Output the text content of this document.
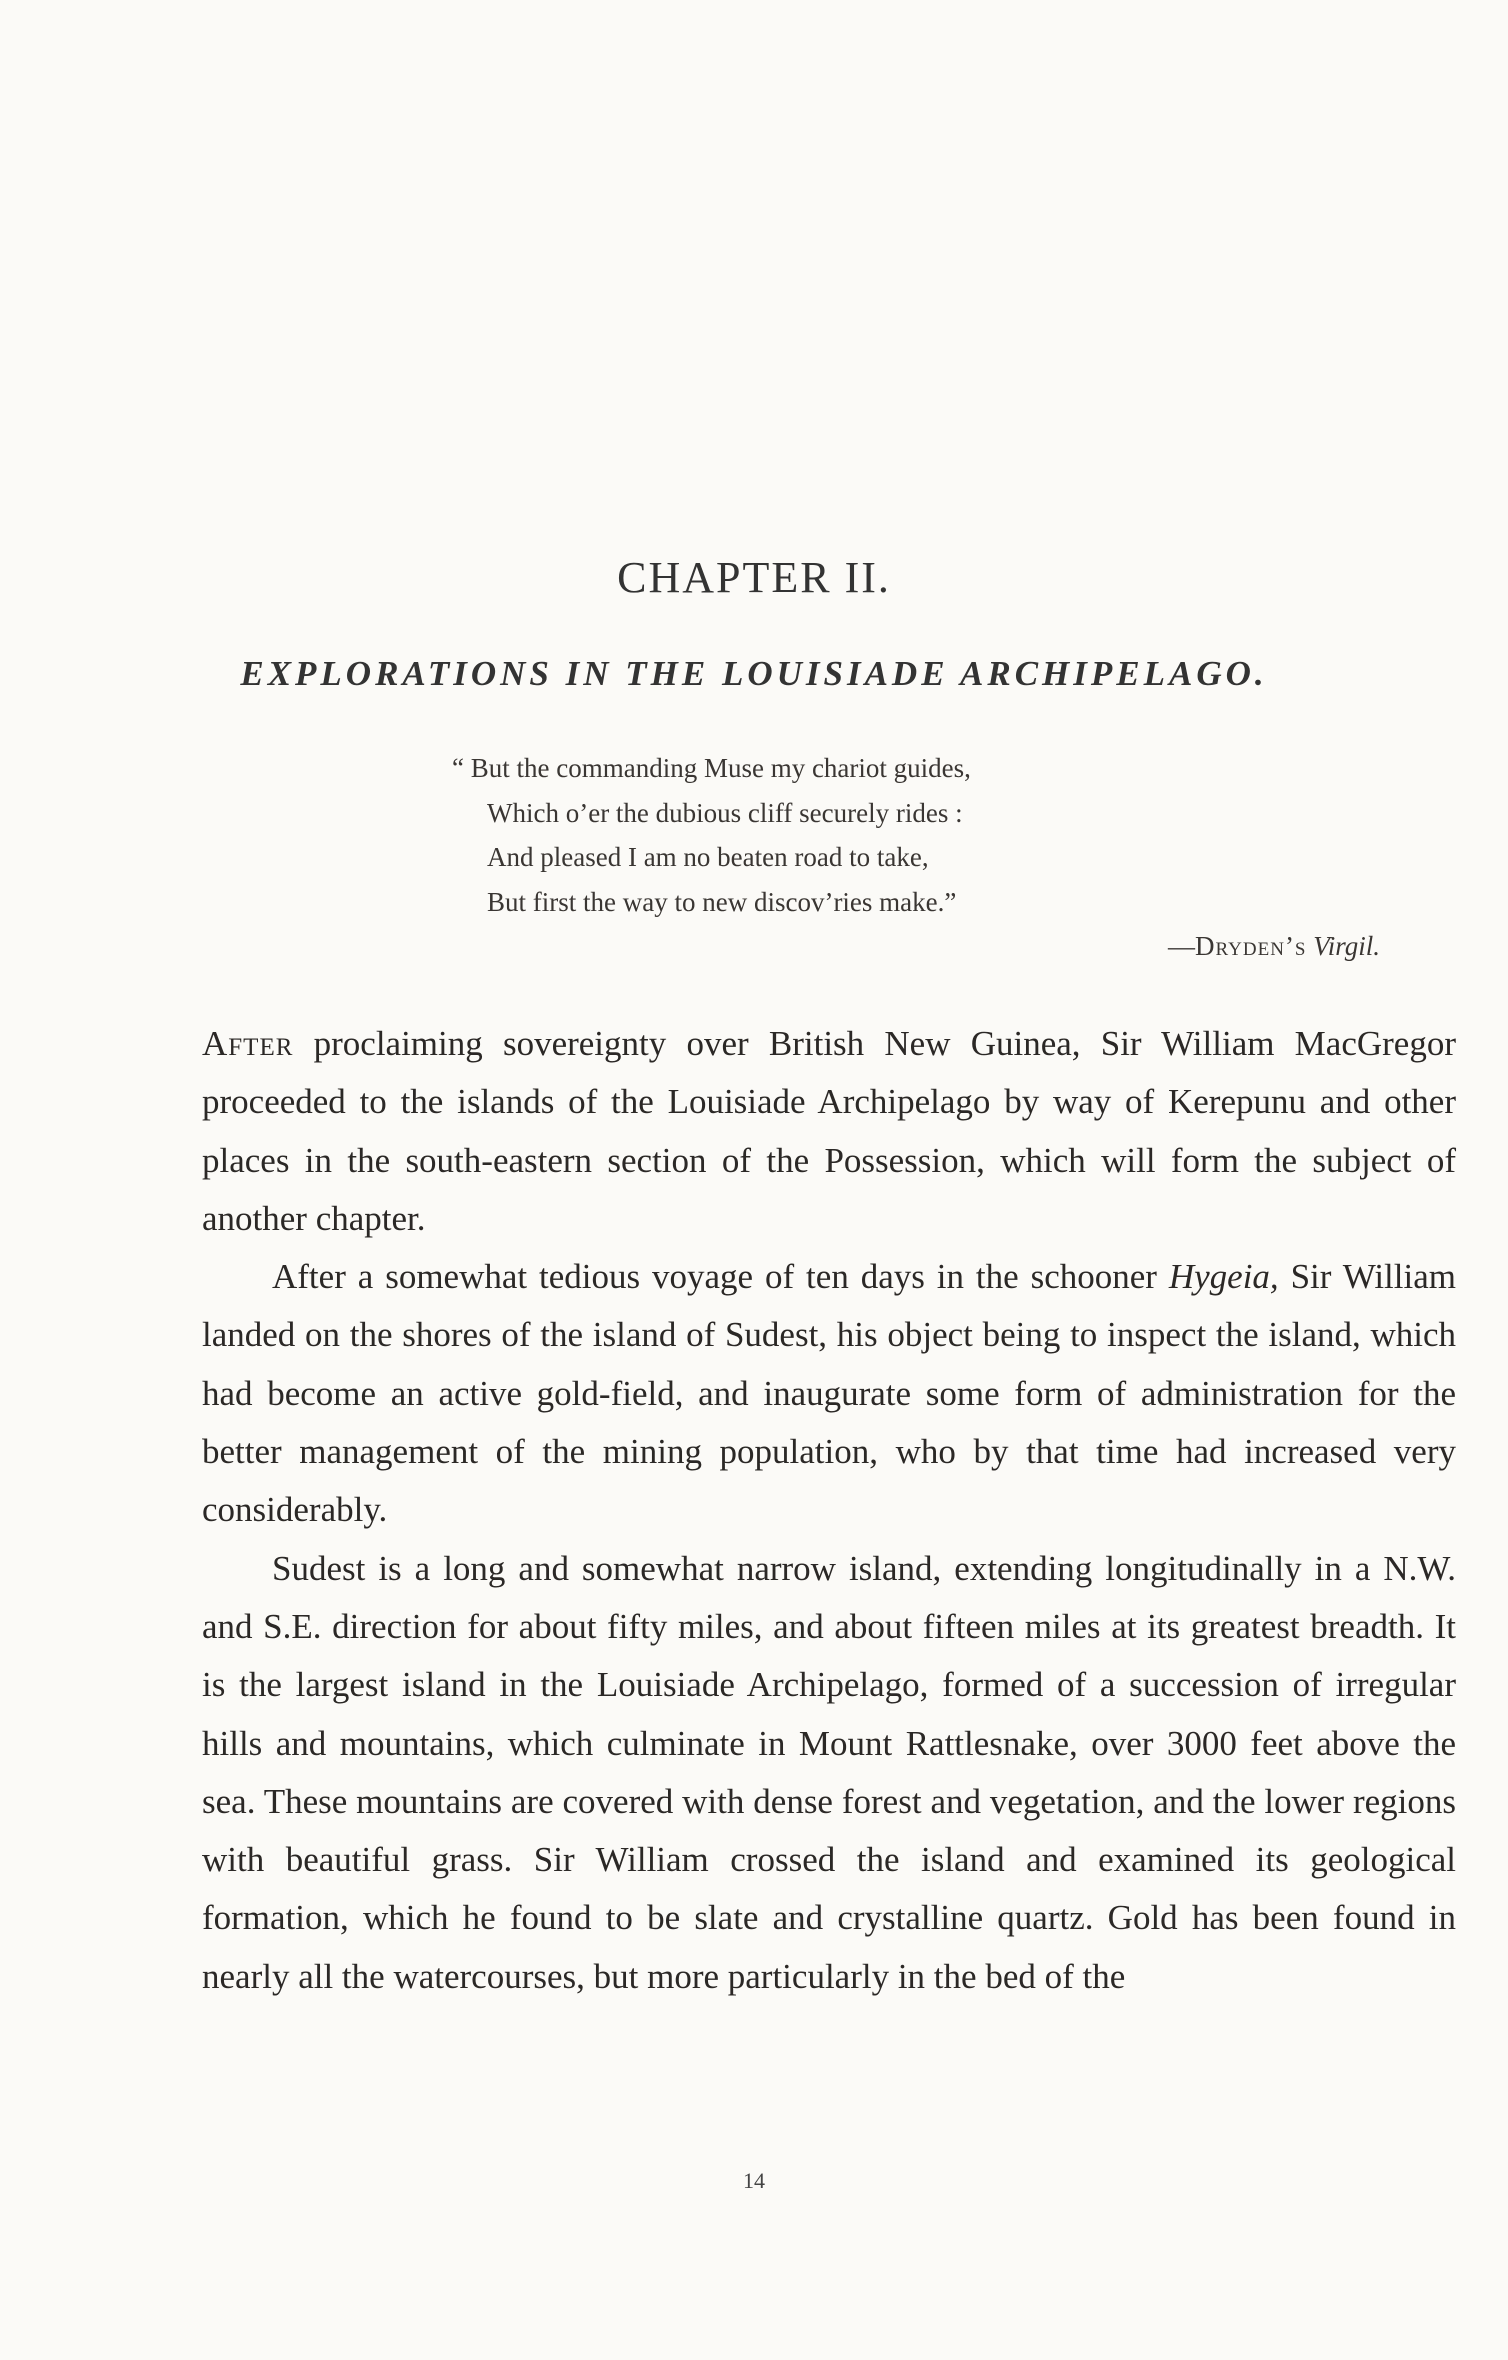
CHAPTER II.
EXPLORATIONS IN THE LOUISIADE ARCHIPELAGO.
“ But the commanding Muse my chariot guides,
Which o’er the dubious cliff securely rides :
And pleased I am no beaten road to take,
But first the way to new discov’ries make.”
—Dryden’s Virgil.

After proclaiming sovereignty over British New Guinea, Sir William MacGregor proceeded to the islands of the Louisiade Archipelago by way of Kerepunu and other places in the south-eastern section of the Possession, which will form the subject of another chapter.

After a somewhat tedious voyage of ten days in the schooner Hygeia, Sir William landed on the shores of the island of Sudest, his object being to inspect the island, which had become an active gold-field, and inaugurate some form of administration for the better management of the mining population, who by that time had increased very considerably.

Sudest is a long and somewhat narrow island, extending longitudinally in a N.W. and S.E. direction for about fifty miles, and about fifteen miles at its greatest breadth. It is the largest island in the Louisiade Archipelago, formed of a succession of irregular hills and mountains, which culminate in Mount Rattlesnake, over 3000 feet above the sea. These mountains are covered with dense forest and vegetation, and the lower regions with beautiful grass. Sir William crossed the island and examined its geological formation, which he found to be slate and crystalline quartz. Gold has been found in nearly all the watercourses, but more particularly in the bed of the

14
